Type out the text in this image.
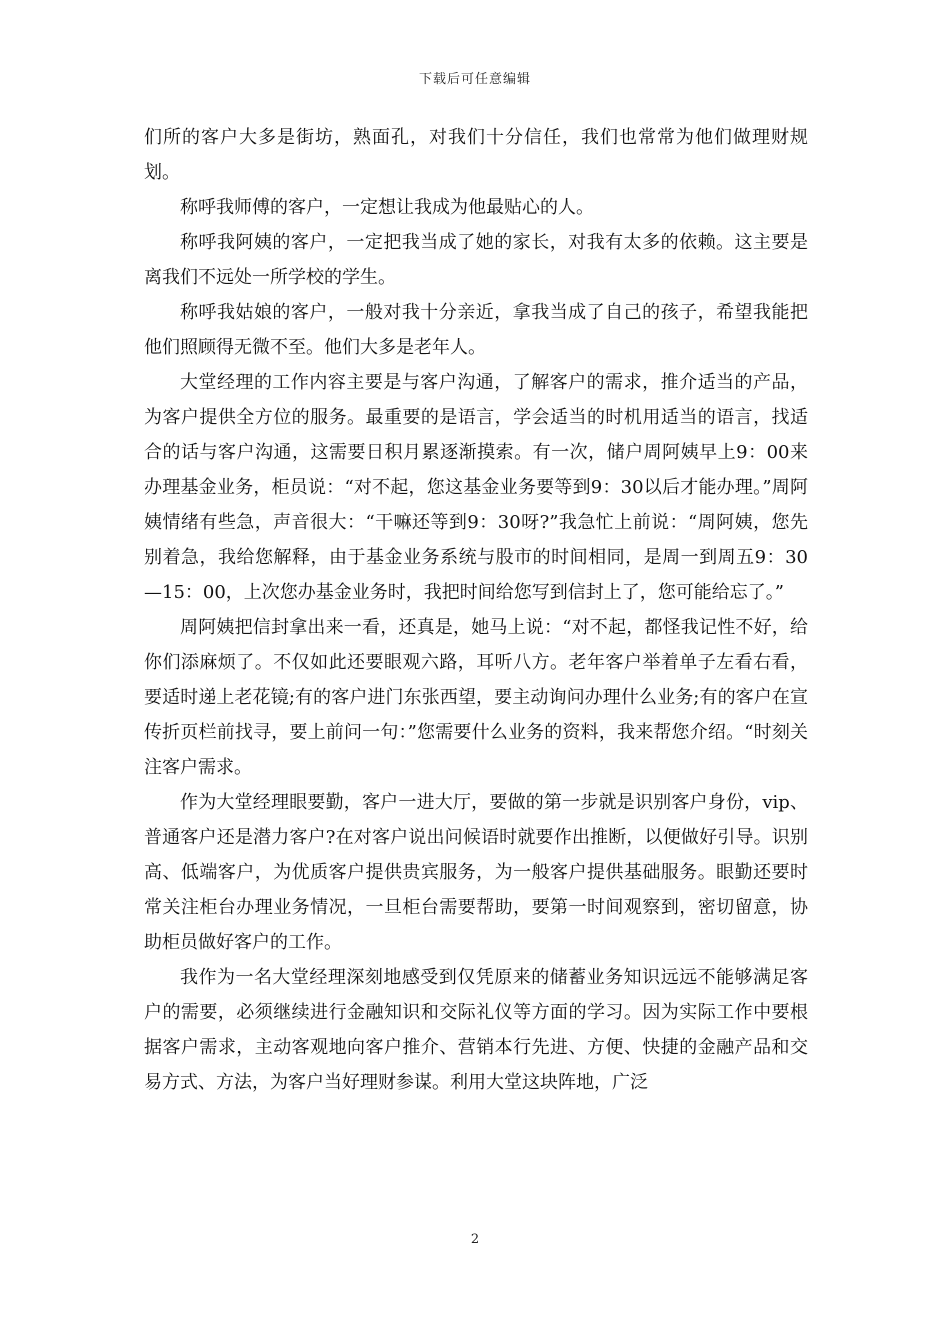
下载后可任意编辑

们所的客户大多是街坊，熟面孔，对我们十分信任，我们也常常为他们做理财规划。

称呼我师傅的客户，一定想让我成为他最贴心的人。

称呼我阿姨的客户，一定把我当成了她的家长，对我有太多的依赖。这主要是离我们不远处一所学校的学生。

称呼我姑娘的客户，一般对我十分亲近，拿我当成了自己的孩子，希望我能把他们照顾得无微不至。他们大多是老年人。

大堂经理的工作内容主要是与客户沟通，了解客户的需求，推介适当的产品，为客户提供全方位的服务。最重要的是语言，学会适当的时机用适当的语言，找适合的话与客户沟通，这需要日积月累逐渐摸索。有一次，储户周阿姨早上9：00来办理基金业务，柜员说：“对不起，您这基金业务要等到9：30以后才能办理。”周阿姨情绪有些急，声音很大：“干嘛还等到9：30呀?”我急忙上前说：“周阿姨，您先别着急，我给您解释，由于基金业务系统与股市的时间相同，是周一到周五9：30—15：00，上次您办基金业务时，我把时间给您写到信封上了，您可能给忘了。”

周阿姨把信封拿出来一看，还真是，她马上说：“对不起，都怪我记性不好，给你们添麻烦了。不仅如此还要眼观六路，耳听八方。老年客户举着单子左看右看，要适时递上老花镜;有的客户进门东张西望，要主动询问办理什么业务;有的客户在宣传折页栏前找寻，要上前问一句：”您需要什么业务的资料，我来帮您介绍。“时刻关注客户需求。

作为大堂经理眼要勤，客户一进大厅，要做的第一步就是识别客户身份，vip、普通客户还是潜力客户?在对客户说出问候语时就要作出推断，以便做好引导。识别高、低端客户，为优质客户提供贵宾服务，为一般客户提供基础服务。眼勤还要时常关注柜台办理业务情况，一旦柜台需要帮助，要第一时间观察到，密切留意，协助柜员做好客户的工作。

我作为一名大堂经理深刻地感受到仅凭原来的储蓄业务知识远远不能够满足客户的需要，必须继续进行金融知识和交际礼仪等方面的学习。因为实际工作中要根据客户需求，主动客观地向客户推介、营销本行先进、方便、快捷的金融产品和交易方式、方法，为客户当好理财参谋。利用大堂这块阵地，广泛

2
